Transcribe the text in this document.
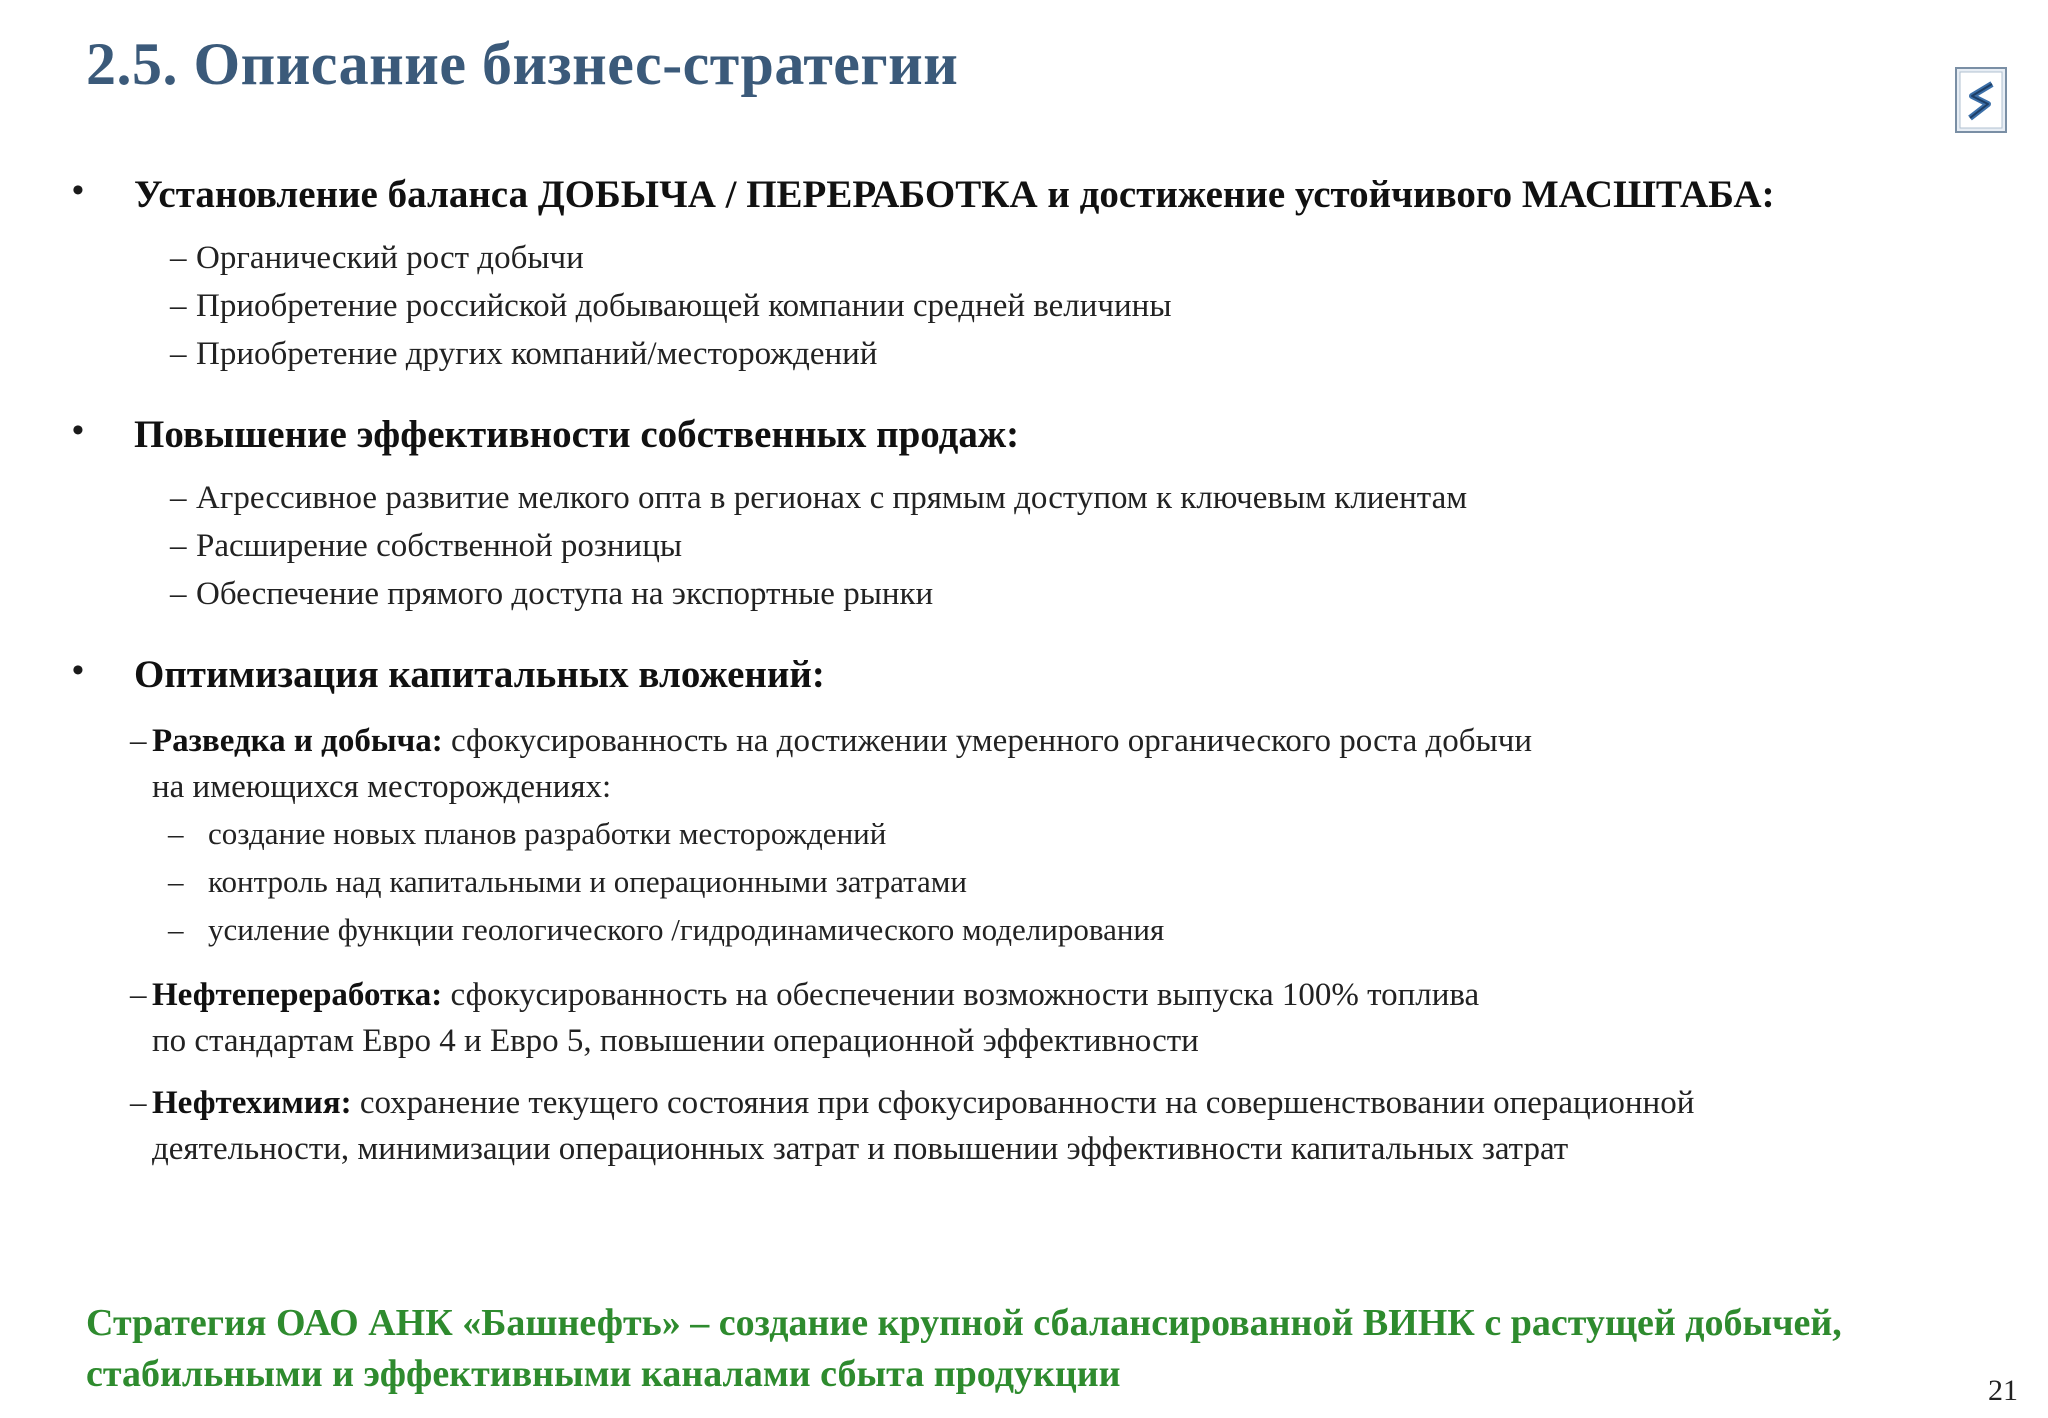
2.5. Описание бизнес-стратегии
• Установление баланса ДОБЫЧА / ПЕРЕРАБОТКА и достижение устойчивого МАСШТАБА:
– Органический рост добычи
– Приобретение российской добывающей компании средней величины
– Приобретение других компаний/месторождений
• Повышение эффективности собственных продаж:
– Агрессивное развитие мелкого опта в регионах с прямым доступом к ключевым клиентам
– Расширение собственной розницы
– Обеспечение прямого доступа на экспортные рынки
• Оптимизация капитальных вложений:
– Разведка и добыча: сфокусированность на достижении умеренного органического роста добычи
на имеющихся месторождениях:
– создание новых планов разработки месторождений
– контроль над капитальными и операционными затратами
– усиление функции геологического /гидродинамического моделирования
– Нефтепереработка: сфокусированность на обеспечении возможности выпуска 100% топлива
по стандартам Евро 4 и Евро 5, повышении операционной эффективности
– Нефтехимия: сохранение текущего состояния при сфокусированности на совершенствовании операционной
деятельности, минимизации операционных затрат и повышении эффективности капитальных затрат
Стратегия ОАО АНК «Башнефть» – создание крупной сбалансированной ВИНК с растущей добычей, стабильными и эффективными каналами сбыта продукции	21
